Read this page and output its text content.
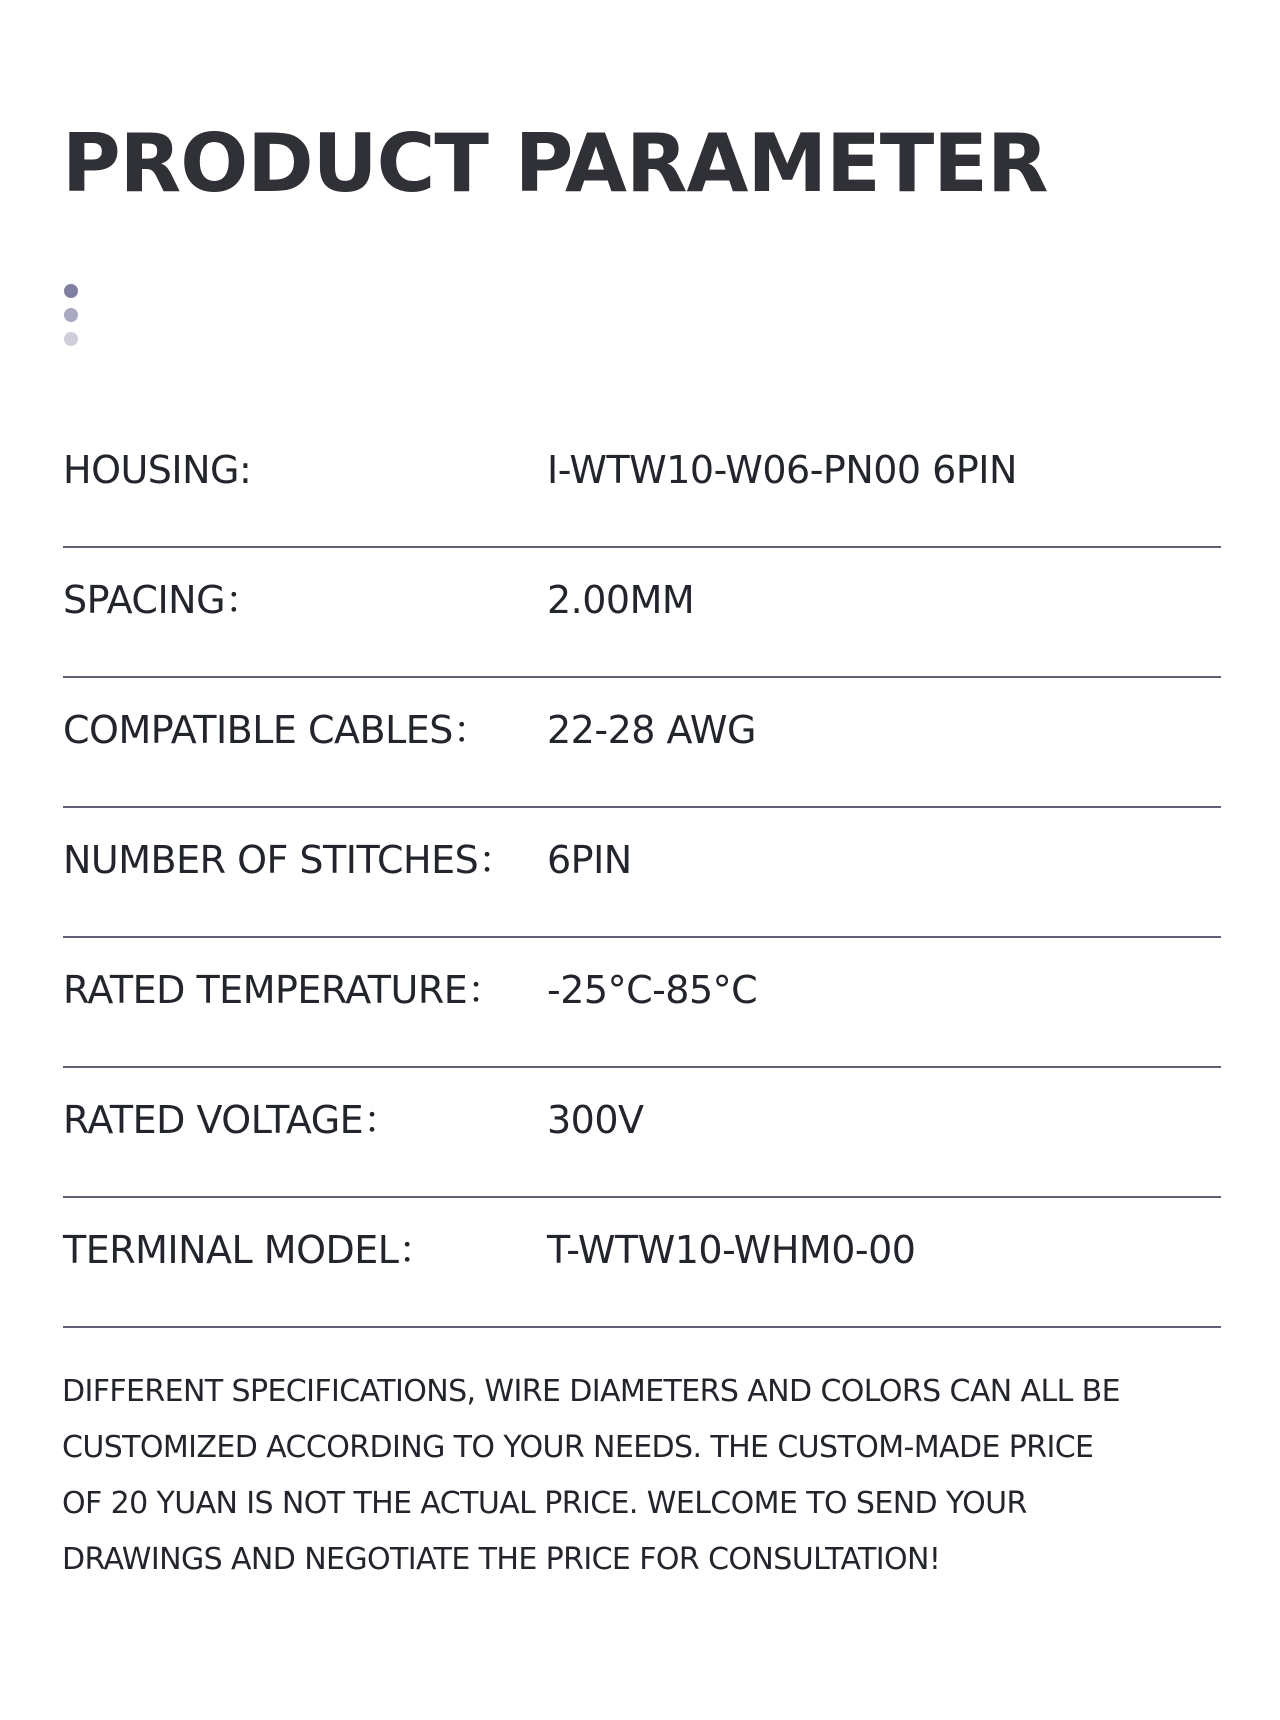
PRODUCT PARAMETER
HOUSING:	I-WTW10-W06-PN00 6PIN
SPACING：	2.00MM
COMPATIBLE CABLES： 22-28 AWG
NUMBER OF STITCHES： 6PIN
RATED TEMPERATURE： -25°C-85°C
RATED VOLTAGE：	300V
TERMINAL MODEL：	T-WTW10-WHM0-00

DIFFERENT SPECIFICATIONS, WIRE DIAMETERS AND COLORS CAN ALL BE
CUSTOMIZED ACCORDING TO YOUR NEEDS. THE CUSTOM-MADE PRICE
OF 20 YUAN IS NOT THE ACTUAL PRICE. WELCOME TO SEND YOUR
DRAWINGS AND NEGOTIATE THE PRICE FOR CONSULTATION!
